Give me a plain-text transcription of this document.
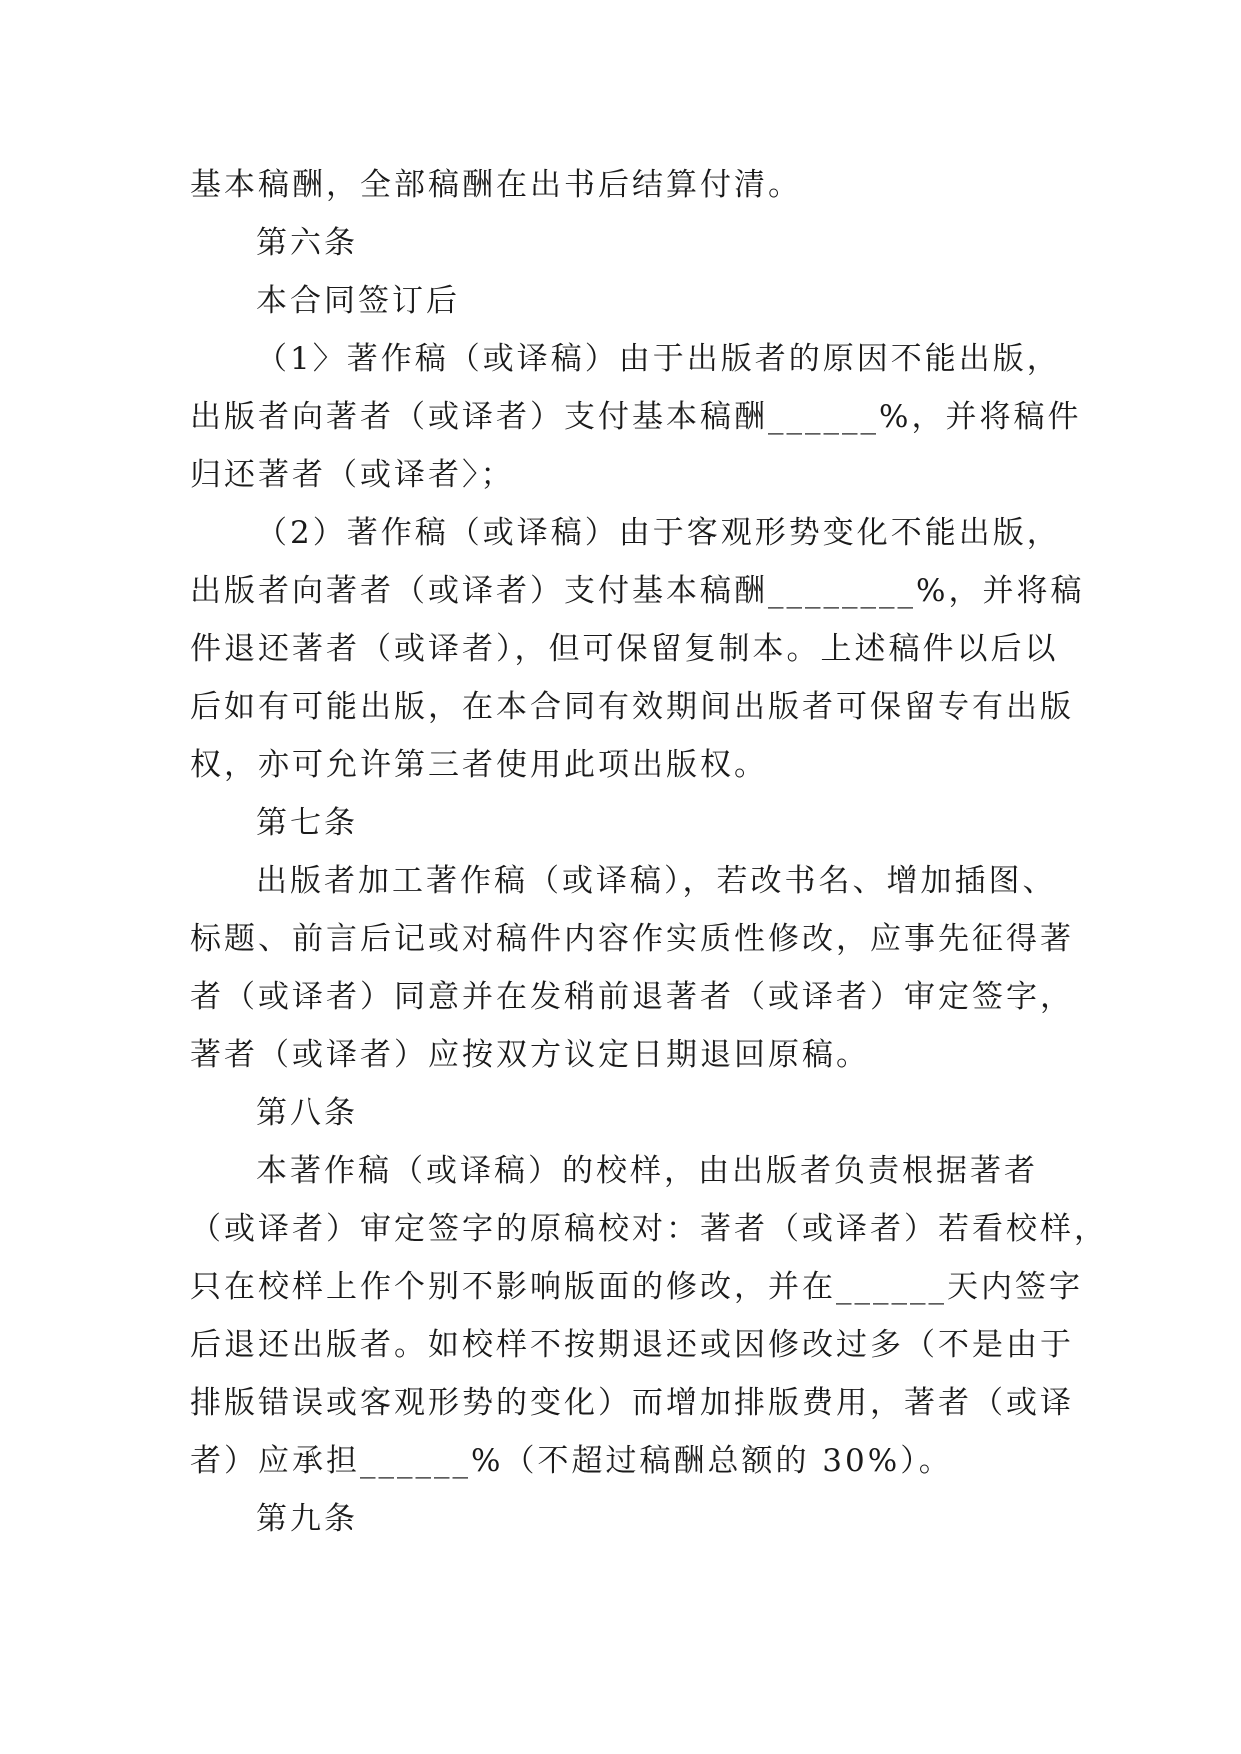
基本稿酬，全部稿酬在出书后结算付清。
第六条
本合同签订后
（1〉著作稿（或译稿）由于出版者的原因不能出版，
出版者向著者（或译者）支付基本稿酬______%，并将稿件
归还著者（或译者〉；
（2）著作稿（或译稿）由于客观形势变化不能出版，
出版者向著者（或译者）支付基本稿酬________%，并将稿
件退还著者（或译者），但可保留复制本。上述稿件以后以
后如有可能出版，在本合同有效期间出版者可保留专有出版
权，亦可允许第三者使用此项出版权。
第七条
出版者加工著作稿（或译稿），若改书名、增加插图、
标题、前言后记或对稿件内容作实质性修改，应事先征得著
者（或译者）同意并在发稍前退著者（或译者）审定签字，
著者（或译者）应按双方议定日期退回原稿。
第八条
本著作稿（或译稿）的校样，由出版者负责根据著者
（或译者）审定签字的原稿校对：著者（或译者）若看校样，
只在校样上作个别不影响版面的修改，并在______天内签字
后退还出版者。如校样不按期退还或因修改过多（不是由于
排版错误或客观形势的变化）而增加排版费用，著者（或译
者）应承担______%（不超过稿酬总额的 30%）。
第九条
